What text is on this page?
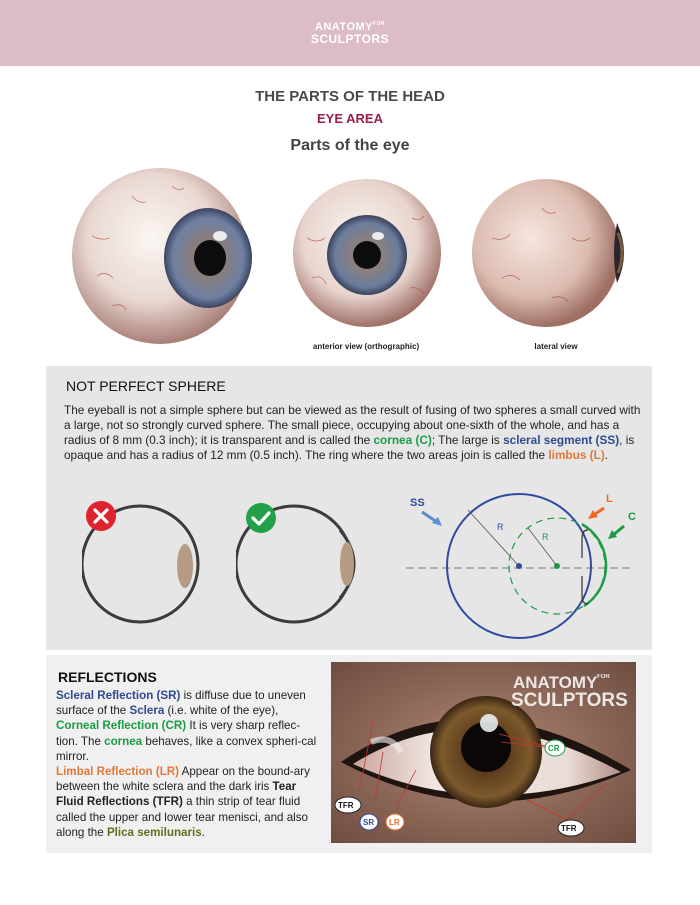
$ANATOMY^{FOR}$
SCULPTORS
THE PARTS OF THE HEAD
EYE AREA
Parts of the eye
anterior view (orthographic)	lateral view
NOT PERFECT SPHERE
The eyeball is not a simple sphere but can be viewed as the result of fusing of two spheres a small curved with a large, not so strongly curved sphere. The small piece, occupying about one-sixth of the whole, and has a radius of 8 mm (0.3 inch); it is transparent and is called the cornea (C); The large is scleral segment (SS), is opaque and has a radius of 12 mm (0.5 inch). The ring where the two areas join is called the limbus (L).
R
R
SS	L
C
REFLECTIONS
Scleral Reflection (SR) is diffuse due to uneven surface of the Sclera (i.e. white of the eye),
Corneal Reflection (CR) It is very sharp reflec-tion. The cornea behaves, like a convex spheri-cal mirror.
Limbal Reflection (LR) Appear on the bound-ary between the white sclera and the dark iris Tear Fluid Reflections (TFR) a thin strip of tear fluid called the upper and lower tear menisci, and also along the Plica semilunaris.
ANATOMY FOR
SCULPTORS
CR
TFR
SR LR
TFR
